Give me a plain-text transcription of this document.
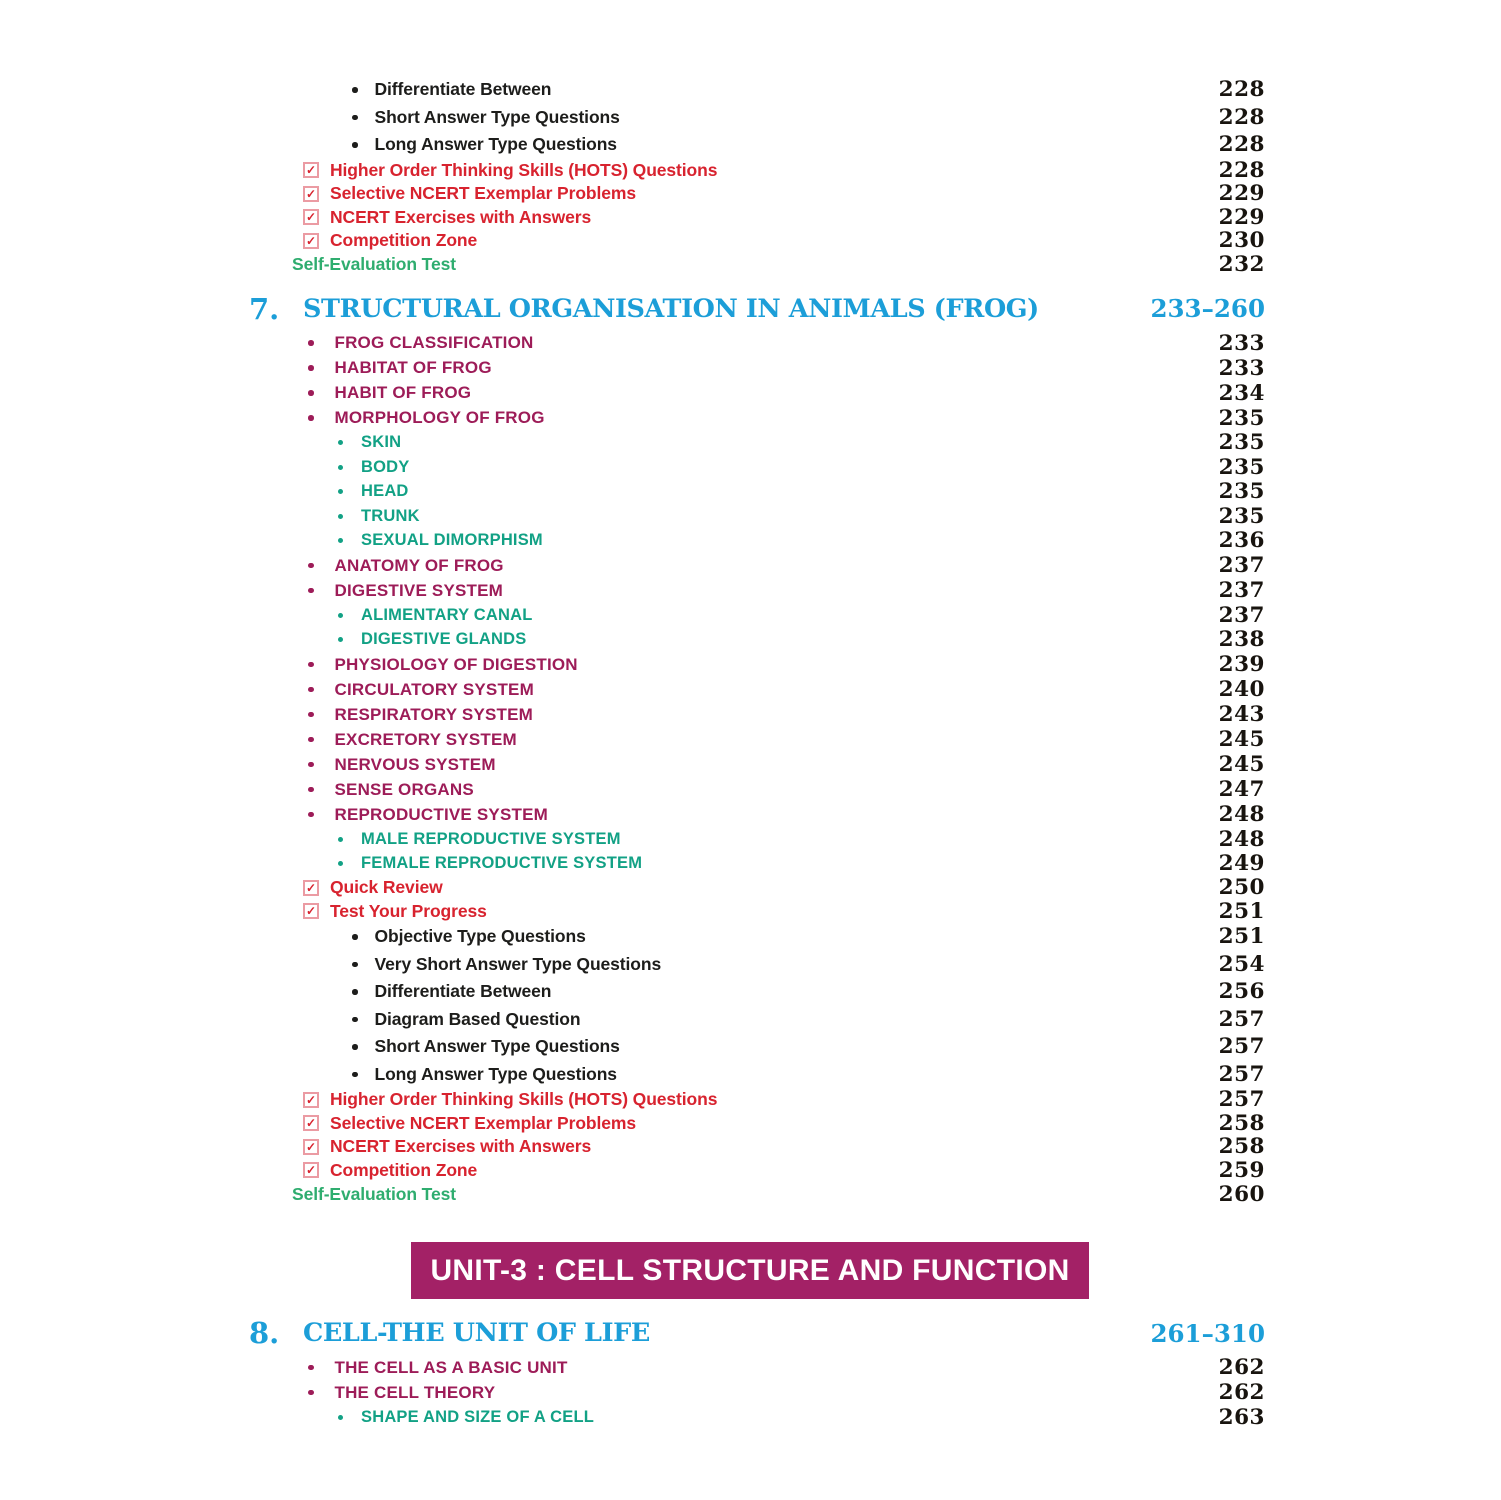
Differentiate Between	228
Short Answer Type Questions	228
Long Answer Type Questions	228
✓
Higher Order Thinking Skills (HOTS) Questions	228
✓
Selective NCERT Exemplar Problems	229
✓
NCERT Exercises with Answers	229
✓
Competition Zone	230
Self-Evaluation Test	232
7. STRUCTURAL ORGANISATION IN ANIMALS (FROG)	233–260
FROG CLASSIFICATION	233
HABITAT OF FROG	233
HABIT OF FROG	234
MORPHOLOGY OF FROG	235
SKIN	235
BODY	235
HEAD	235
TRUNK	235
SEXUAL DIMORPHISM	236
ANATOMY OF FROG	237
DIGESTIVE SYSTEM	237
ALIMENTARY CANAL	237
DIGESTIVE GLANDS	238
PHYSIOLOGY OF DIGESTION	239
CIRCULATORY SYSTEM	240
RESPIRATORY SYSTEM	243
EXCRETORY SYSTEM	245
NERVOUS SYSTEM	245
SENSE ORGANS	247
REPRODUCTIVE SYSTEM	248
MALE REPRODUCTIVE SYSTEM	248
FEMALE REPRODUCTIVE SYSTEM	249
✓
Quick Review	250
✓
Test Your Progress	251
Objective Type Questions	251
Very Short Answer Type Questions	254
Differentiate Between	256
Diagram Based Question	257
Short Answer Type Questions	257
Long Answer Type Questions	257
✓
Higher Order Thinking Skills (HOTS) Questions	257
✓
Selective NCERT Exemplar Problems	258
✓
NCERT Exercises with Answers	258
✓
Competition Zone	259
Self-Evaluation Test	260
UNIT-3 : CELL STRUCTURE AND FUNCTION
8. CELL-THE UNIT OF LIFE	261–310
THE CELL AS A BASIC UNIT	262
THE CELL THEORY	262
SHAPE AND SIZE OF A CELL	263
